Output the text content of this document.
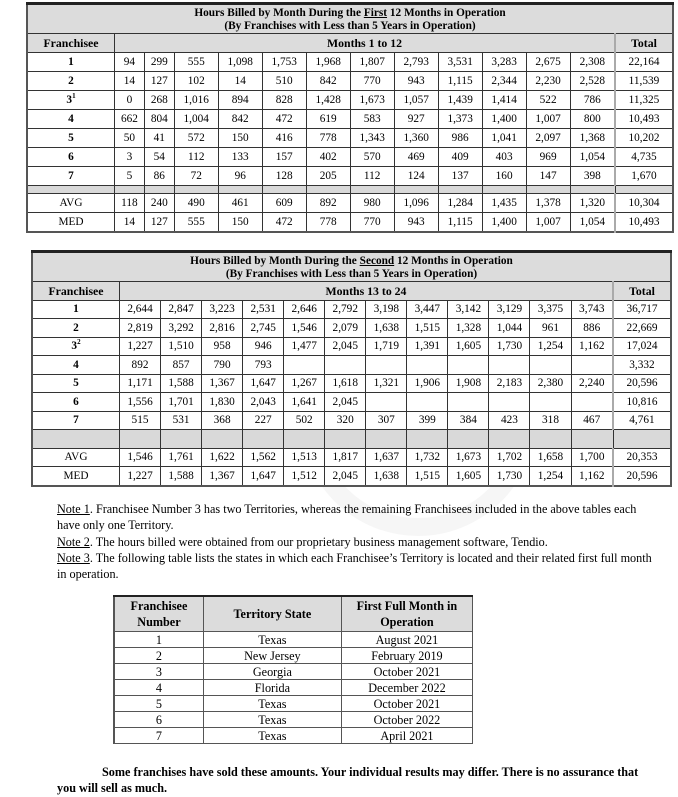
Hours Billed by Month During the First 12 Months in Operation
(By Franchises with Less than 5 Years in Operation)													

Franchisee	Months 1 to 12												Total
1	94	299	555	1,098	1,753	1,968	1,807	2,793	3,531	3,283	2,675	2,308	22,164
2	14	127	102	14	510	842	770	943	1,115	2,344	2,230	2,528	11,539
$3^1$	0	268	1,016	894	828	1,428	1,673	1,057	1,439	1,414	522	786	11,325
4	662	804	1,004	842	472	619	583	927	1,373	1,400	1,007	800	10,493
5	50	41	572	150	416	778	1,343	1,360	986	1,041	2,097	1,368	10,202
6	3	54	112	133	157	402	570	469	409	403	969	1,054	4,735
7	5	86	72	96	128	205	112	124	137	160	147	398	1,670

AVG	118	240	490	461	609	892	980	1,096	1,284	1,435	1,378	1,320	10,304
MED	14	127	555	150	472	778	770	943	1,115	1,400	1,007	1,054	10,493
Hours Billed by Month During the Second 12 Months in Operation
(By Franchises with Less than 5 Years in Operation)													

Franchisee	Months 13 to 24												Total
1	2,644	2,847	3,223	2,531	2,646	2,792	3,198	3,447	3,142	3,129	3,375	3,743	36,717
2	2,819	3,292	2,816	2,745	1,546	2,079	1,638	1,515	1,328	1,044	961	886	22,669
$3^2$	1,227	1,510	958	946	1,477	2,045	1,719	1,391	1,605	1,730	1,254	1,162	17,024
4	892	857	790	793									3,332
5	1,171	1,588	1,367	1,647	1,267	1,618	1,321	1,906	1,908	2,183	2,380	2,240	20,596
6	1,556	1,701	1,830	2,043	1,641	2,045							10,816
7	515	531	368	227	502	320	307	399	384	423	318	467	4,761

AVG	1,546	1,761	1,622	1,562	1,513	1,817	1,637	1,732	1,673	1,702	1,658	1,700	20,353
MED	1,227	1,588	1,367	1,647	1,512	2,045	1,638	1,515	1,605	1,730	1,254	1,162	20,596

Note 1. Franchisee Number 3 has two Territories, whereas the remaining Franchisees included in the above tables each have only one Territory.

Note 2. The hours billed were obtained from our proprietary business management software, Tendio.

Note 3. The following table lists the states in which each Franchisee’s Territory is located and their related first full month in operation.

Franchisee Number	Territory State	First Full Month in Operation
1	Texas	August 2021
2	New Jersey	February 2019
3	Georgia	October 2021
4	Florida	December 2022
5	Texas	October 2021
6	Texas	October 2022
7	Texas	April 2021
Some franchises have sold these amounts. Your individual results may differ. There is no assurance that you will sell as much.
